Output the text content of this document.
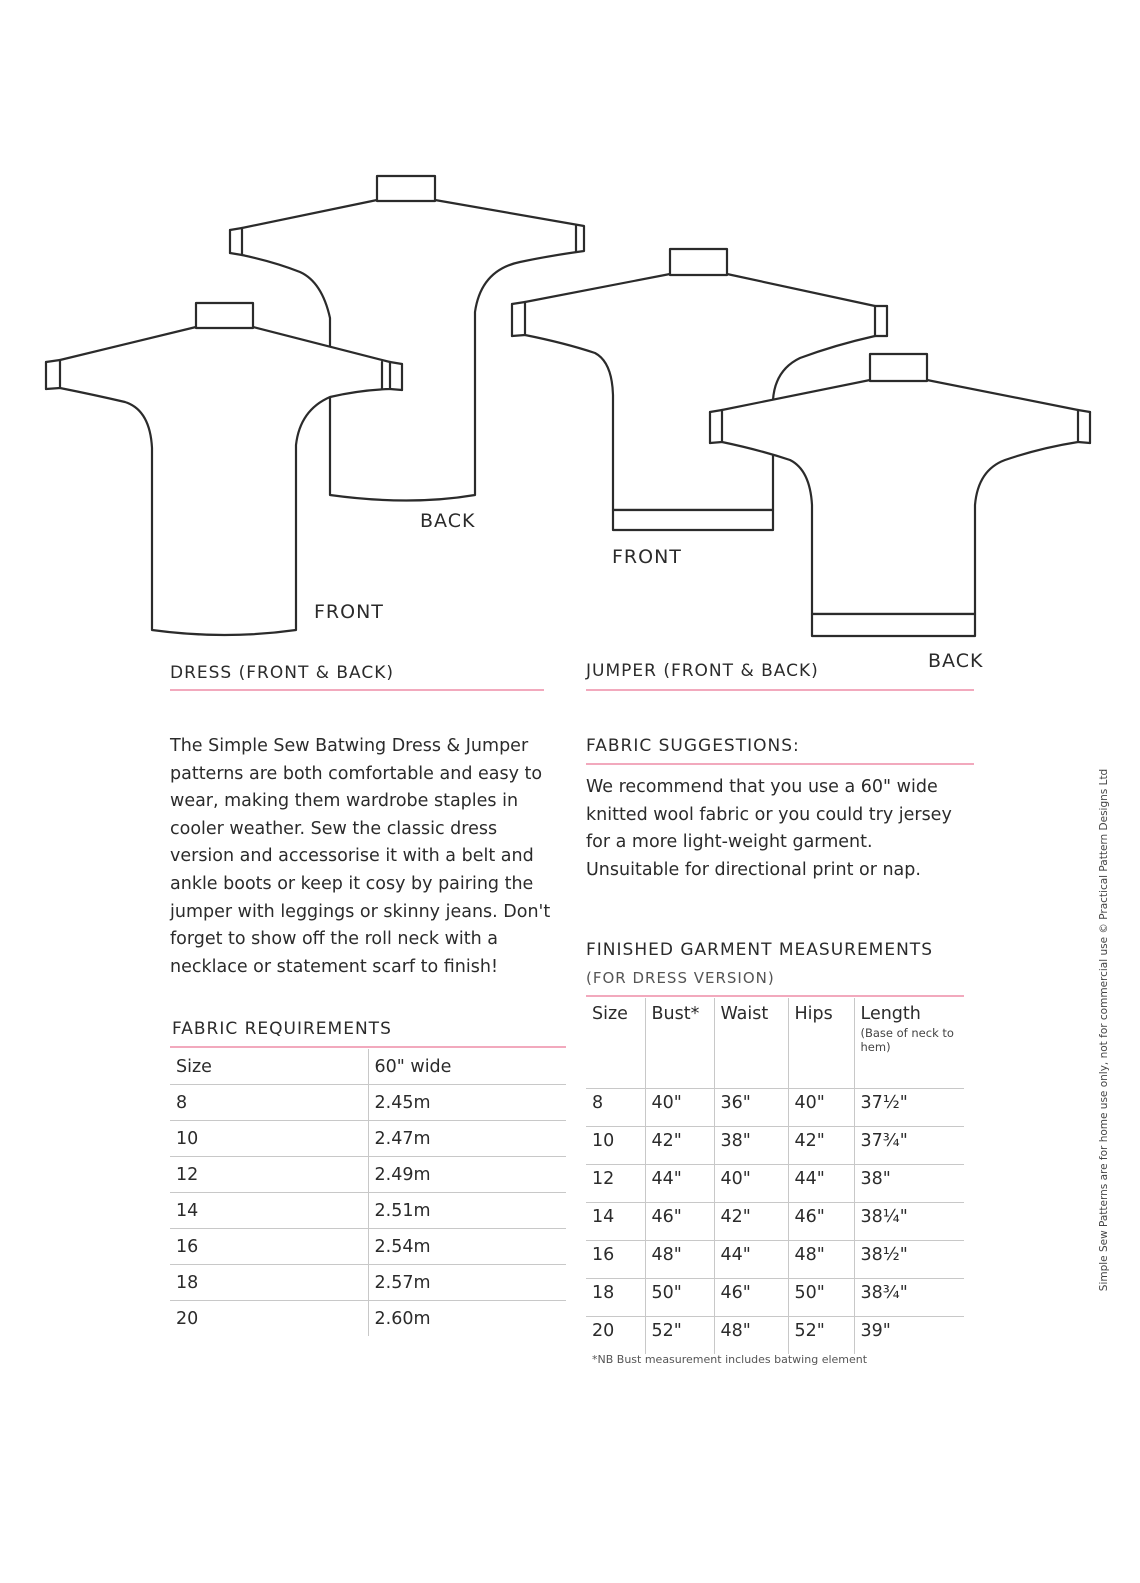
BACK
FRONT
FRONT
BACK
DRESS (FRONT & BACK)	JUMPER (FRONT & BACK)
The Simple Sew Batwing Dress & Jumper patterns are both comfortable and easy to wear, making them wardrobe staples in cooler weather. Sew the classic dress version and accessorise it with a belt and ankle boots or keep it cosy by pairing the jumper with leggings or skinny jeans. Don't forget to show off the roll neck with a necklace or statement scarf to finish!
FABRIC SUGGESTIONS:
We recommend that you use a 60" wide knitted wool fabric or you could try jersey for a more light-weight garment. Unsuitable for directional print or nap.
FABRIC REQUIREMENTS
Size	60" wide
8	2.45m
10	2.47m
12	2.49m
14	2.51m
16	2.54m
18	2.57m
20	2.60m
FINISHED GARMENT MEASUREMENTS
(FOR DRESS VERSION)
Size	Bust*	Waist	Hips	Length
(Base of neck to hem)

8	40"	36"	40"	37½"
10	42"	38"	42"	37¾"
12	44"	40"	44"	38"
14	46"	42"	46"	38¼"
16	48"	44"	48"	38½"
18	50"	46"	50"	38¾"
20	52"	48"	52"	39"
*NB Bust measurement includes batwing element
Simple Sew Patterns are for home use only, not for commercial use © Practical Pattern Designs Ltd
